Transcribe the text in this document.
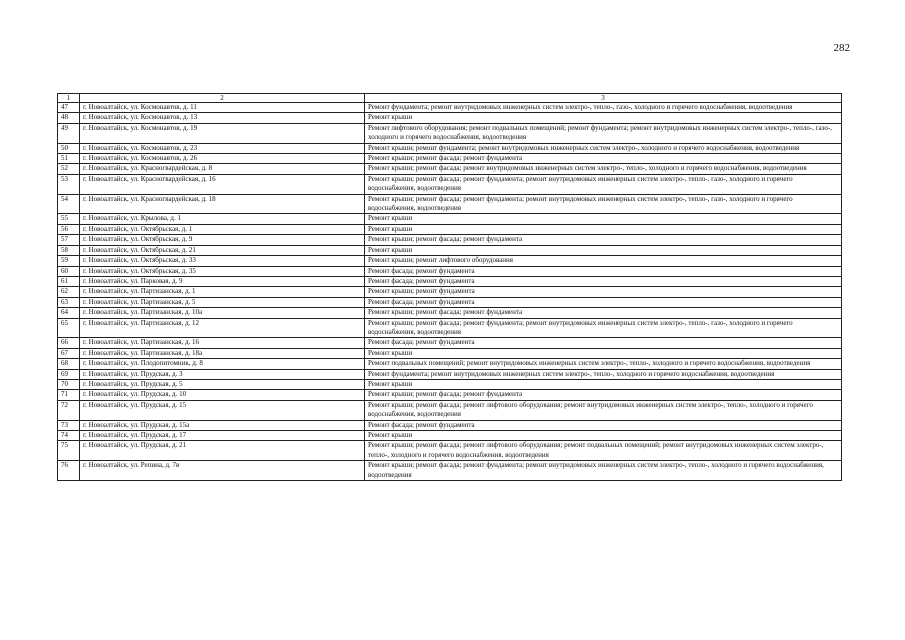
282
1	2	3
47	г. Новоалтайск, ул. Космонавтов, д. 11	Ремонт фундамента; ремонт внутридомовых инженерных систем электро-, тепло-, газо-, холодного и горячего водоснабжения, водоотведения
48	г. Новоалтайск, ул. Космонавтов, д. 13	Ремонт крыши
49	г. Новоалтайск, ул. Космонавтов, д. 19	Ремонт лифтового оборудования; ремонт подвальных помещений; ремонт фундамента; ремонт внутридомовых инженерных систем электро-, тепло-, газо-, холодного и горячего водоснабжения, водоотведения
50	г. Новоалтайск, ул. Космонавтов, д. 23	Ремонт крыши; ремонт фундамента; ремонт внутридомовых инженерных систем электро-, холодного и горячего водоснабжения, водоотведения
51	г. Новоалтайск, ул. Космонавтов, д. 26	Ремонт крыши; ремонт фасада; ремонт фундамента
52	г. Новоалтайск, ул. Красногвардейская, д. 8	Ремонт крыши; ремонт фасада; ремонт внутридомовых инженерных систем электро-, тепло-, холодного и горячего водоснабжения, водоотведения
53	г. Новоалтайск, ул. Красногвардейская, д. 16	Ремонт крыши; ремонт фасада; ремонт фундамента; ремонт внутридомовых инженерных систем электро-, тепло-, газо-, холодного и горячего водоснабжения, водоотведения
54	г. Новоалтайск, ул. Красногвардейская, д. 18	Ремонт крыши; ремонт фасада; ремонт фундамента; ремонт внутридомовых инженерных систем электро-, тепло-, газо-, холодного и горячего водоснабжения, водоотведения
55	г. Новоалтайск, ул. Крылова, д. 1	Ремонт крыши
56	г. Новоалтайск, ул. Октябрьская, д. 1	Ремонт крыши
57	г. Новоалтайск, ул. Октябрьская, д. 9	Ремонт крыши; ремонт фасада; ремонт фундамента
58	г. Новоалтайск, ул. Октябрьская, д. 21	Ремонт крыши
59	г. Новоалтайск, ул. Октябрьская, д. 33	Ремонт крыши; ремонт лифтового оборудования
60	г. Новоалтайск, ул. Октябрьская, д. 35	Ремонт фасада; ремонт фундамента
61	г. Новоалтайск, ул. Парковая, д. 9	Ремонт фасада; ремонт фундамента
62	г. Новоалтайск, ул. Партизанская, д. 1	Ремонт крыши; ремонт фундамента
63	г. Новоалтайск, ул. Партизанская, д. 5	Ремонт фасада; ремонт фундамента
64	г. Новоалтайск, ул. Партизанская, д. 10а	Ремонт крыши; ремонт фасада; ремонт фундамента
65	г. Новоалтайск, ул. Партизанская, д. 12	Ремонт крыши; ремонт фасада; ремонт фундамента; ремонт внутридомовых инженерных систем электро-, тепло-, газо-, холодного и горячего водоснабжения, водоотведения
66	г. Новоалтайск, ул. Партизанская, д. 16	Ремонт фасада; ремонт фундамента
67	г. Новоалтайск, ул. Партизанская, д. 18а	Ремонт крыши
68	г. Новоалтайск, ул. Плодопитомник, д. 8	Ремонт подвальных помещений; ремонт внутридомовых инженерных систем электро-, тепло-, холодного и горячего водоснабжения, водоотведения
69	г. Новоалтайск, ул. Прудская, д. 3	Ремонт фундамента; ремонт внутридомовых инженерных систем электро-, тепло-, холодного и горячего водоснабжения, водоотведения
70	г. Новоалтайск, ул. Прудская, д. 5	Ремонт крыши
71	г. Новоалтайск, ул. Прудская, д. 10	Ремонт крыши; ремонт фасада; ремонт фундамента
72	г. Новоалтайск, ул. Прудская, д. 15	Ремонт крыши; ремонт фасада; ремонт лифтового оборудования; ремонт внутридомовых инженерных систем электро-, тепло-, холодного и горячего водоснабжения, водоотведения
73	г. Новоалтайск, ул. Прудская, д. 15а	Ремонт фасада; ремонт фундамента
74	г. Новоалтайск, ул. Прудская, д. 17	Ремонт крыши
75	г. Новоалтайск, ул. Прудская, д. 21	Ремонт крыши; ремонт фасада; ремонт лифтового оборудования; ремонт подвальных помещений; ремонт внутридомовых инженерных систем электро-, тепло-, холодного и горячего водоснабжения, водоотведения
76	г. Новоалтайск, ул. Репина, д. 7в	Ремонт крыши; ремонт фасада; ремонт фундамента; ремонт внутридомовых инженерных систем электро-, тепло-, холодного и горячего водоснабжения, водоотведения
